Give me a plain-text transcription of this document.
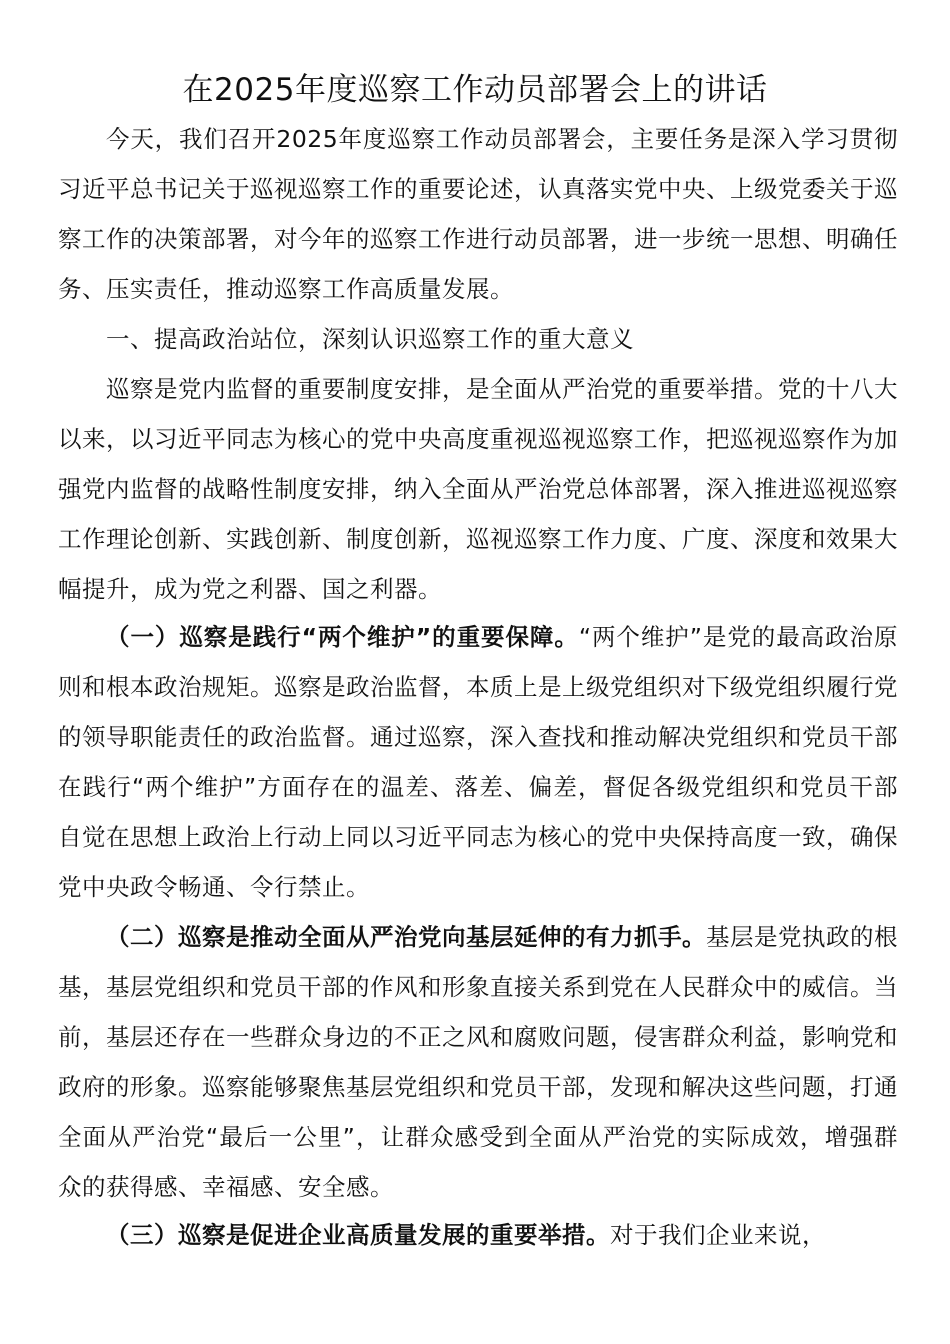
在2025年度巡察工作动员部署会上的讲话

今天，我们召开2025年度巡察工作动员部署会，主要任务是深入学习贯彻习近平总书记关于巡视巡察工作的重要论述，认真落实党中央、上级党委关于巡察工作的决策部署，对今年的巡察工作进行动员部署，进一步统一思想、明确任务、压实责任，推动巡察工作高质量发展。

一、提高政治站位，深刻认识巡察工作的重大意义

巡察是党内监督的重要制度安排，是全面从严治党的重要举措。党的十八大以来，以习近平同志为核心的党中央高度重视巡视巡察工作，把巡视巡察作为加强党内监督的战略性制度安排，纳入全面从严治党总体部署，深入推进巡视巡察工作理论创新、实践创新、制度创新，巡视巡察工作力度、广度、深度和效果大幅提升，成为党之利器、国之利器。

（一）巡察是践行“两个维护”的重要保障。“两个维护”是党的最高政治原则和根本政治规矩。巡察是政治监督，本质上是上级党组织对下级党组织履行党的领导职能责任的政治监督。通过巡察，深入查找和推动解决党组织和党员干部在践行“两个维护”方面存在的温差、落差、偏差，督促各级党组织和党员干部自觉在思想上政治上行动上同以习近平同志为核心的党中央保持高度一致，确保党中央政令畅通、令行禁止。

（二）巡察是推动全面从严治党向基层延伸的有力抓手。基层是党执政的根基，基层党组织和党员干部的作风和形象直接关系到党在人民群众中的威信。当前，基层还存在一些群众身边的不正之风和腐败问题，侵害群众利益，影响党和政府的形象。巡察能够聚焦基层党组织和党员干部，发现和解决这些问题，打通全面从严治党“最后一公里”，让群众感受到全面从严治党的实际成效，增强群众的获得感、幸福感、安全感。

（三）巡察是促进企业高质量发展的重要举措。对于我们企业来说，
